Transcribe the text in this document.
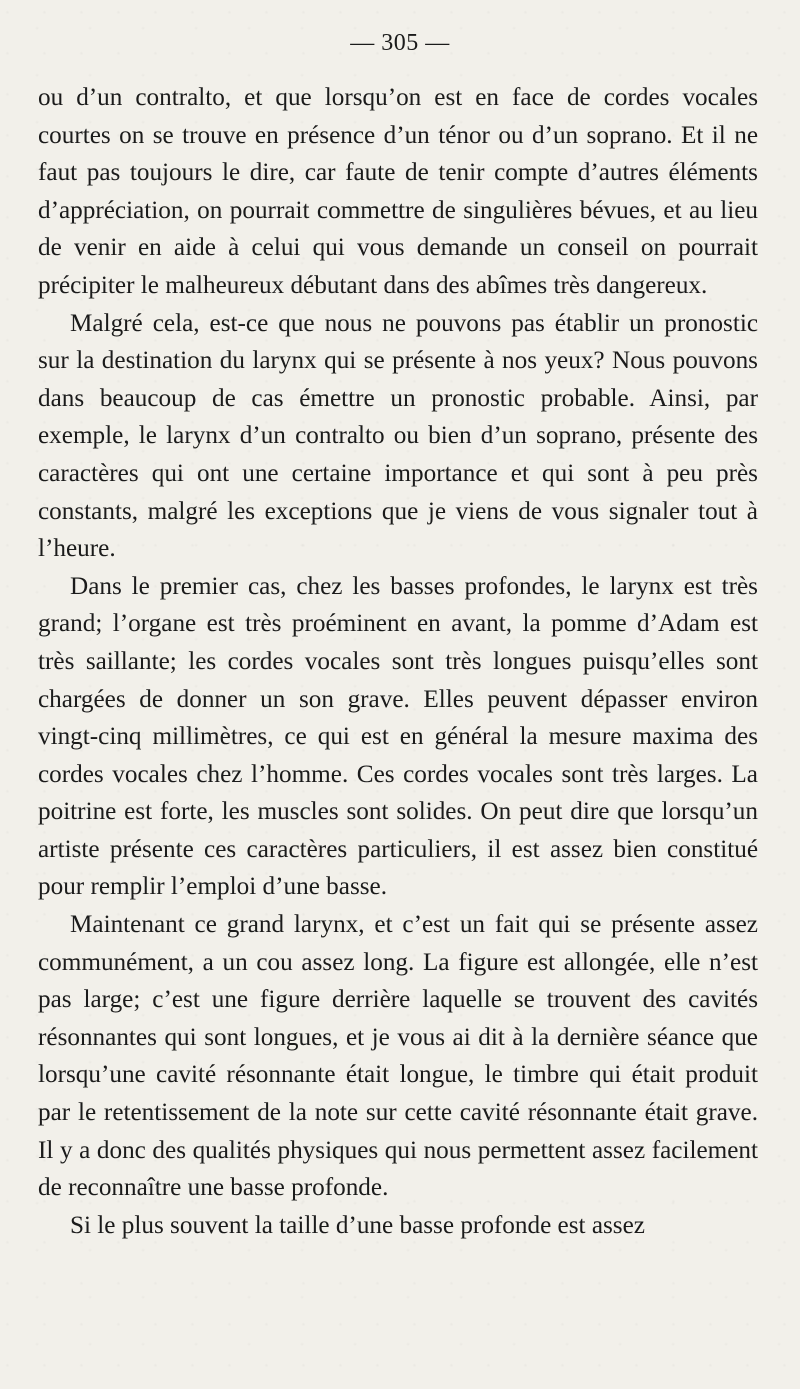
— 305 —

ou d’un contralto, et que lorsqu’on est en face de cordes vocales courtes on se trouve en présence d’un ténor ou d’un soprano. Et il ne faut pas toujours le dire, car faute de tenir compte d’autres éléments d’appréciation, on pourrait commettre de singulières bévues, et au lieu de venir en aide à celui qui vous demande un conseil on pourrait précipiter le malheureux débutant dans des abîmes très dangereux.

Malgré cela, est-ce que nous ne pouvons pas établir un pronostic sur la destination du larynx qui se présente à nos yeux? Nous pouvons dans beaucoup de cas émettre un pronostic probable. Ainsi, par exemple, le larynx d’un contralto ou bien d’un soprano, présente des caractères qui ont une certaine importance et qui sont à peu près constants, malgré les exceptions que je viens de vous signaler tout à l’heure.

Dans le premier cas, chez les basses profondes, le larynx est très grand; l’organe est très proéminent en avant, la pomme d’Adam est très saillante; les cordes vocales sont très longues puisqu’elles sont chargées de donner un son grave. Elles peuvent dépasser environ vingt-cinq millimètres, ce qui est en général la mesure maxima des cordes vocales chez l’homme. Ces cordes vocales sont très larges. La poitrine est forte, les muscles sont solides. On peut dire que lorsqu’un artiste présente ces caractères particuliers, il est assez bien constitué pour remplir l’emploi d’une basse.

Maintenant ce grand larynx, et c’est un fait qui se présente assez communément, a un cou assez long. La figure est allongée, elle n’est pas large; c’est une figure derrière laquelle se trouvent des cavités résonnantes qui sont longues, et je vous ai dit à la dernière séance que lorsqu’une cavité résonnante était longue, le timbre qui était produit par le retentissement de la note sur cette cavité résonnante était grave. Il y a donc des qualités physiques qui nous permettent assez facilement de reconnaître une basse profonde.

Si le plus souvent la taille d’une basse profonde est assez
